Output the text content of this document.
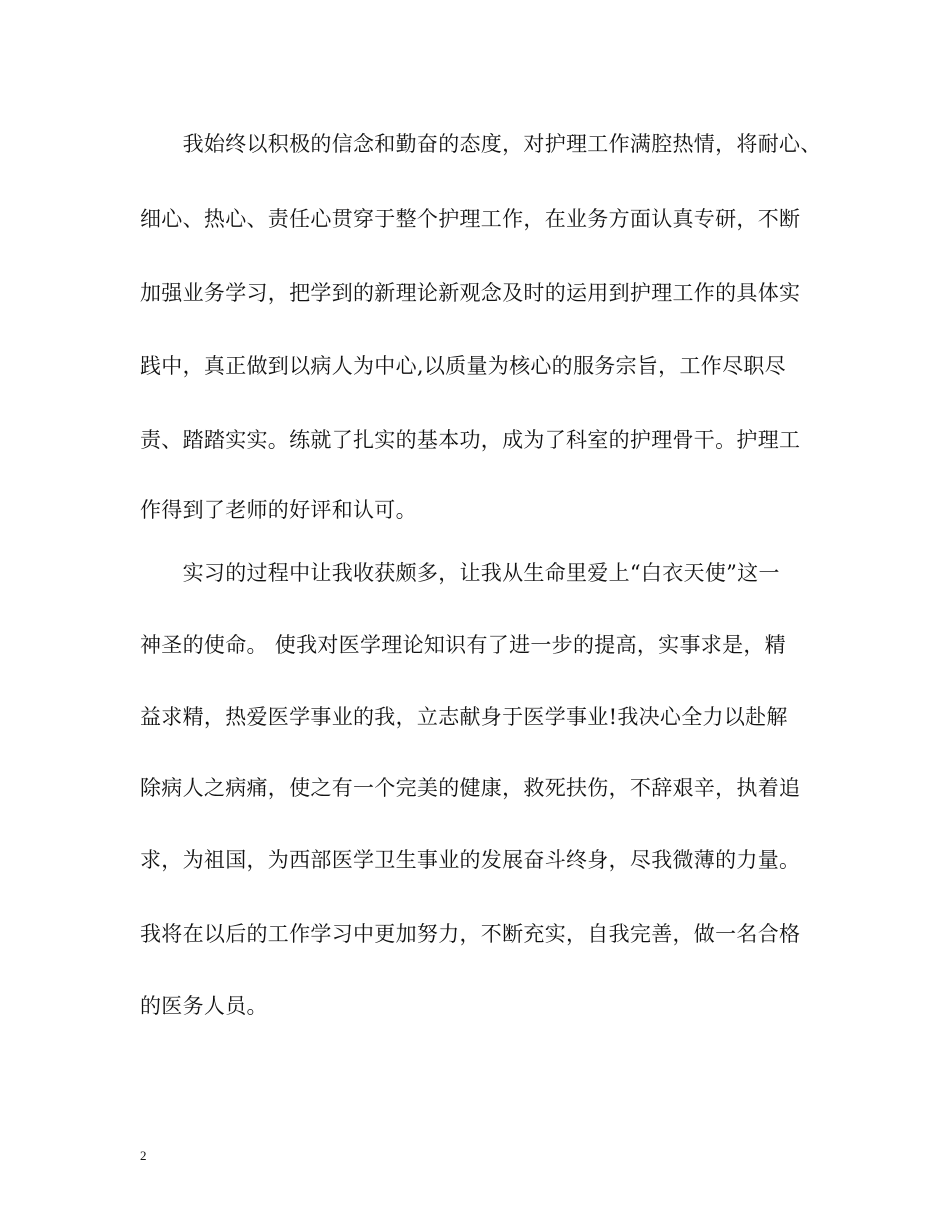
　　我始终以积极的信念和勤奋的态度，对护理工作满腔热情，将耐心、
细心、热心、责任心贯穿于整个护理工作，在业务方面认真专研，不断
加强业务学习，把学到的新理论新观念及时的运用到护理工作的具体实
践中，真正做到以病人为中心,以质量为核心的服务宗旨，工作尽职尽
责、踏踏实实。练就了扎实的基本功，成为了科室的护理骨干。护理工
作得到了老师的好评和认可。
　　实习的过程中让我收获颇多，让我从生命里爱上“白衣天使”这一
神圣的使命。 使我对医学理论知识有了进一步的提高，实事求是，精
益求精，热爱医学事业的我，立志献身于医学事业!我决心全力以赴解
除病人之病痛，使之有一个完美的健康，救死扶伤，不辞艰辛，执着追
求，为祖国，为西部医学卫生事业的发展奋斗终身，尽我微薄的力量。
我将在以后的工作学习中更加努力，不断充实，自我完善，做一名合格
的医务人员。
2
